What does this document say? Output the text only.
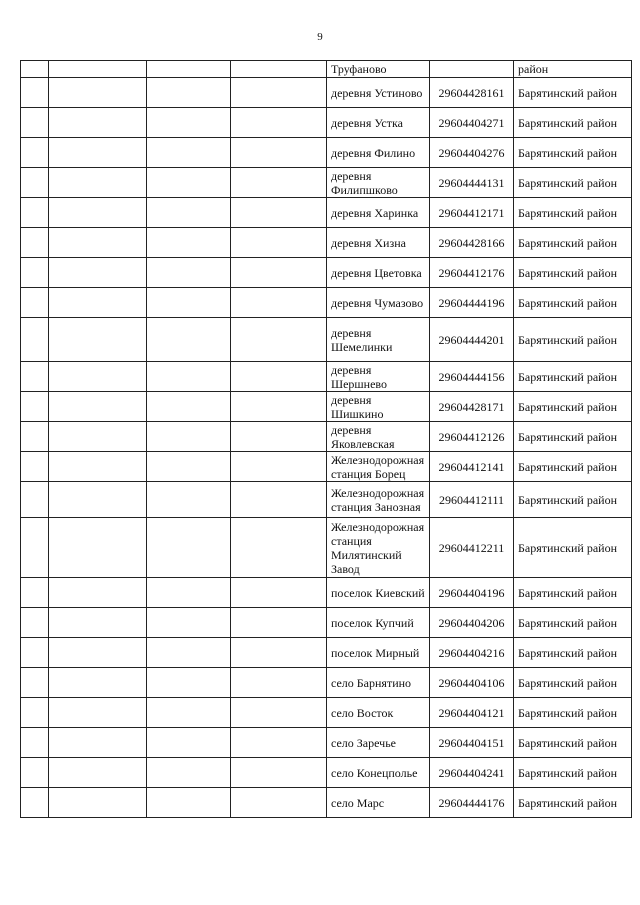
9
				Труфаново		район
				деревня Устиново	29604428161	Барятинский район
				деревня Устка	29604404271	Барятинский район
				деревня Филино	29604404276	Барятинский район
				деревня Филипшково	29604444131	Барятинский район
				деревня Харинка	29604412171	Барятинский район
				деревня Хизна	29604428166	Барятинский район
				деревня Цветовка	29604412176	Барятинский район
				деревня Чумазово	29604444196	Барятинский район
				деревня Шемелинки	29604444201	Барятинский район
				деревня Шершнево	29604444156	Барятинский район
				деревня Шишкино	29604428171	Барятинский район
				деревня Яковлевская	29604412126	Барятинский район
				Железнодорожная станция Борец	29604412141	Барятинский район
				Железнодорожная станция Занозная	29604412111	Барятинский район
				Железнодорожная станция Милятинский Завод	29604412211	Барятинский район
				поселок Киевский	29604404196	Барятинский район
				поселок Купчий	29604404206	Барятинский район
				поселок Мирный	29604404216	Барятинский район
				село Барнятино	29604404106	Барятинский район
				село Восток	29604404121	Барятинский район
				село Заречье	29604404151	Барятинский район
				село Конецполье	29604404241	Барятинский район
				село Марс	29604444176	Барятинский район
